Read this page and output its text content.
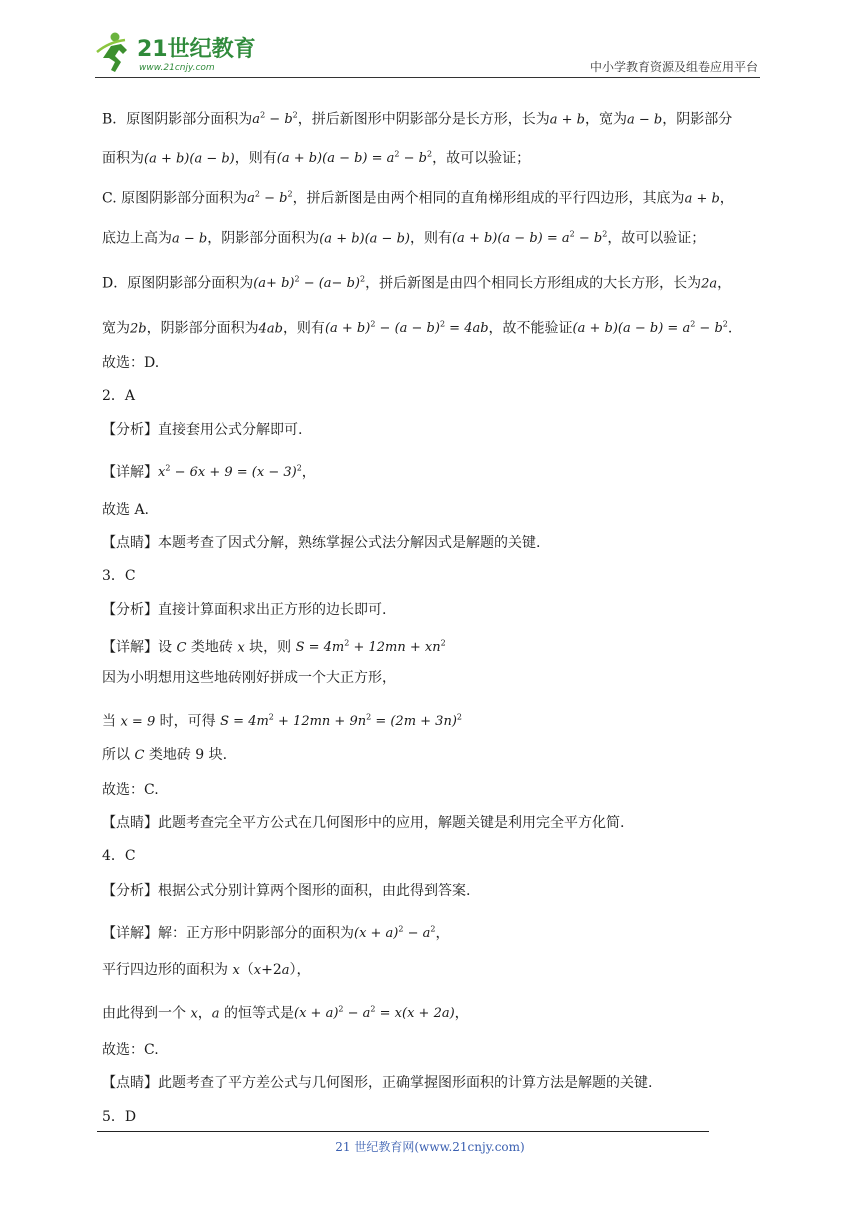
21世纪教育
www.21cnjy.com	中小学教育资源及组卷应用平台
B．原图阴影部分面积为$a^2 - b^2$，拼后新图形中阴影部分是长方形，长为a + b，宽为a − b，阴影部分
面积为(a + b)(a − b)，则有$(a + b)(a - b) = a^2 - b^2$，故可以验证；
C. 原图阴影部分面积为$a^2 - b^2$，拼后新图是由两个相同的直角梯形组成的平行四边形，其底为a + b，
底边上高为a − b，阴影部分面积为(a + b)(a − b)，则有$(a + b)(a - b) = a^2 - b^2$，故可以验证；
D．原图阴影部分面积为$(a+ b)^2 - (a- b)^2$，拼后新图是由四个相同长方形组成的大长方形，长为2a，
宽为2b，阴影部分面积为4ab，则有$(a + b)^2 - (a - b)^2 = 4ab$，故不能验证$(a + b)(a - b) = a^2 - b^2$.
故选：D.
2．A
【分析】直接套用公式分解即可.
【详解】$x^2 - 6x + 9 = (x - 3)^2$，
故选 A.
【点睛】本题考查了因式分解，熟练掌握公式法分解因式是解题的关键.
3．C
【分析】直接计算面积求出正方形的边长即可.
【详解】设 C 类地砖 x 块，则 $S = 4m^2 + 12mn + xn^2$
因为小明想用这些地砖刚好拼成一个大正方形，
当 x = 9 时，可得 $S = 4m^2 + 12mn + 9n^2 = (2m + 3n)^2$
所以 C 类地砖 9 块.
故选：C.
【点睛】此题考查完全平方公式在几何图形中的应用，解题关键是利用完全平方化简.
4．C
【分析】根据公式分别计算两个图形的面积，由此得到答案.
【详解】解：正方形中阴影部分的面积为$(x + a)^2 - a^2$，
平行四边形的面积为 x（x+2a），
由此得到一个 x，a 的恒等式是$(x + a)^2 - a^2 = x(x + 2a)$，
故选：C.
【点睛】此题考查了平方差公式与几何图形，正确掌握图形面积的计算方法是解题的关键.
5．D
21 世纪教育网(www.21cnjy.com)
